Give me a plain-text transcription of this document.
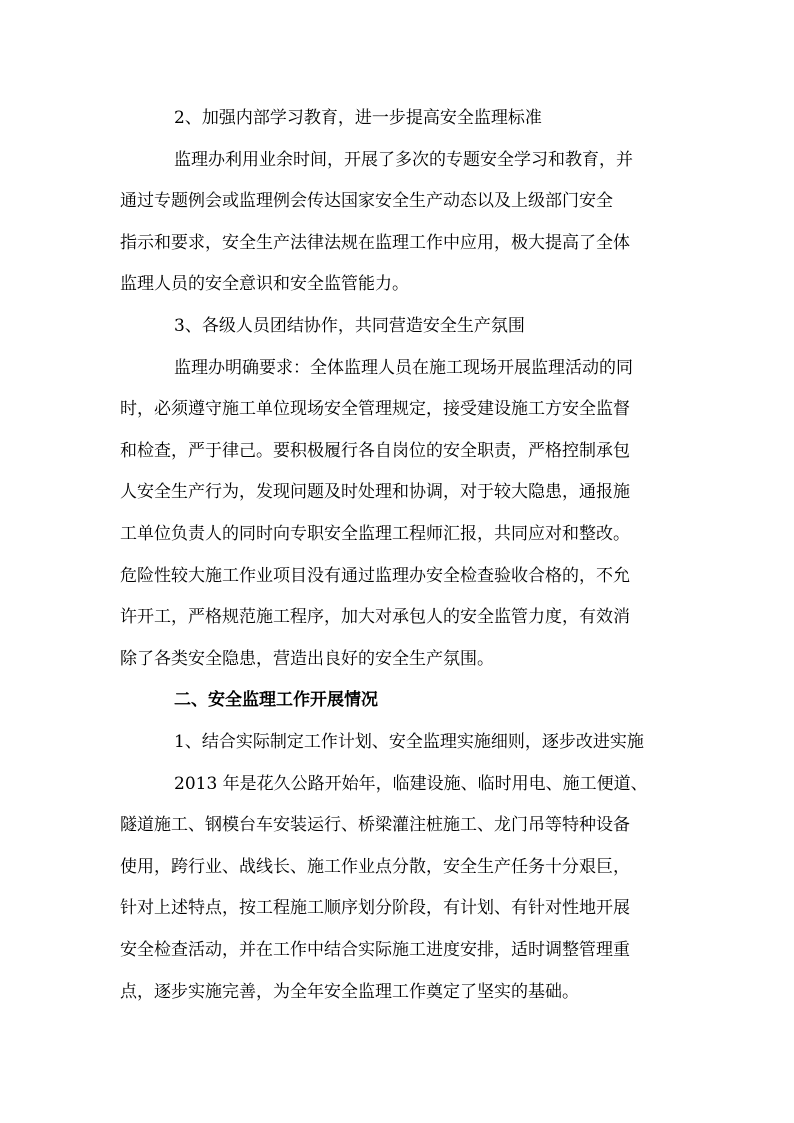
2、加强内部学习教育，进一步提高安全监理标准
监理办利用业余时间，开展了多次的专题安全学习和教育，并
通过专题例会或监理例会传达国家安全生产动态以及上级部门安全
指示和要求，安全生产法律法规在监理工作中应用，极大提高了全体
监理人员的安全意识和安全监管能力。
3、各级人员团结协作，共同营造安全生产氛围
监理办明确要求：全体监理人员在施工现场开展监理活动的同
时，必须遵守施工单位现场安全管理规定，接受建设施工方安全监督
和检查，严于律己。要积极履行各自岗位的安全职责，严格控制承包
人安全生产行为，发现问题及时处理和协调，对于较大隐患，通报施
工单位负责人的同时向专职安全监理工程师汇报，共同应对和整改。
危险性较大施工作业项目没有通过监理办安全检查验收合格的，不允
许开工，严格规范施工程序，加大对承包人的安全监管力度，有效消
除了各类安全隐患，营造出良好的安全生产氛围。
二、安全监理工作开展情况
1、结合实际制定工作计划、安全监理实施细则，逐步改进实施
2013 年是花久公路开始年，临建设施、临时用电、施工便道、
隧道施工、钢模台车安装运行、桥梁灌注桩施工、龙门吊等特种设备
使用，跨行业、战线长、施工作业点分散，安全生产任务十分艰巨，
针对上述特点，按工程施工顺序划分阶段，有计划、有针对性地开展
安全检查活动，并在工作中结合实际施工进度安排，适时调整管理重
点，逐步实施完善，为全年安全监理工作奠定了坚实的基础。
